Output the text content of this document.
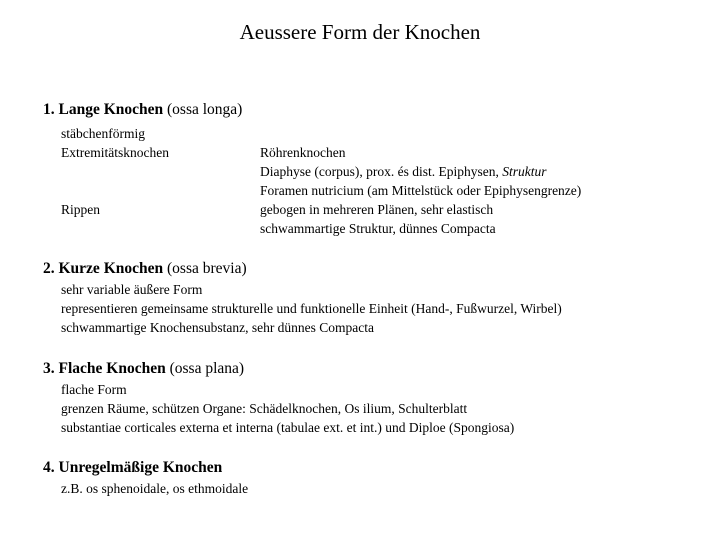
Aeussere Form der Knochen
1. Lange Knochen (ossa longa)
stäbchenförmig
Extremitätsknochen	Röhrenknochen
Diaphyse (corpus), prox. és dist. Epiphysen, Struktur
Foramen nutricium (am Mittelstück oder Epiphysengrenze)
Rippen	gebogen in mehreren Plänen, sehr elastisch
schwammartige Struktur, dünnes Compacta
2. Kurze Knochen (ossa brevia)
sehr variable äußere Form
representieren gemeinsame strukturelle und funktionelle Einheit (Hand-, Fußwurzel, Wirbel)
schwammartige Knochensubstanz, sehr dünnes Compacta
3. Flache Knochen (ossa plana)
flache Form
grenzen Räume, schützen Organe: Schädelknochen, Os ilium, Schulterblatt
substantiae corticales externa et interna (tabulae ext. et int.) und Diploe (Spongiosa)
4. Unregelmäßige Knochen
z.B. os sphenoidale, os ethmoidale
